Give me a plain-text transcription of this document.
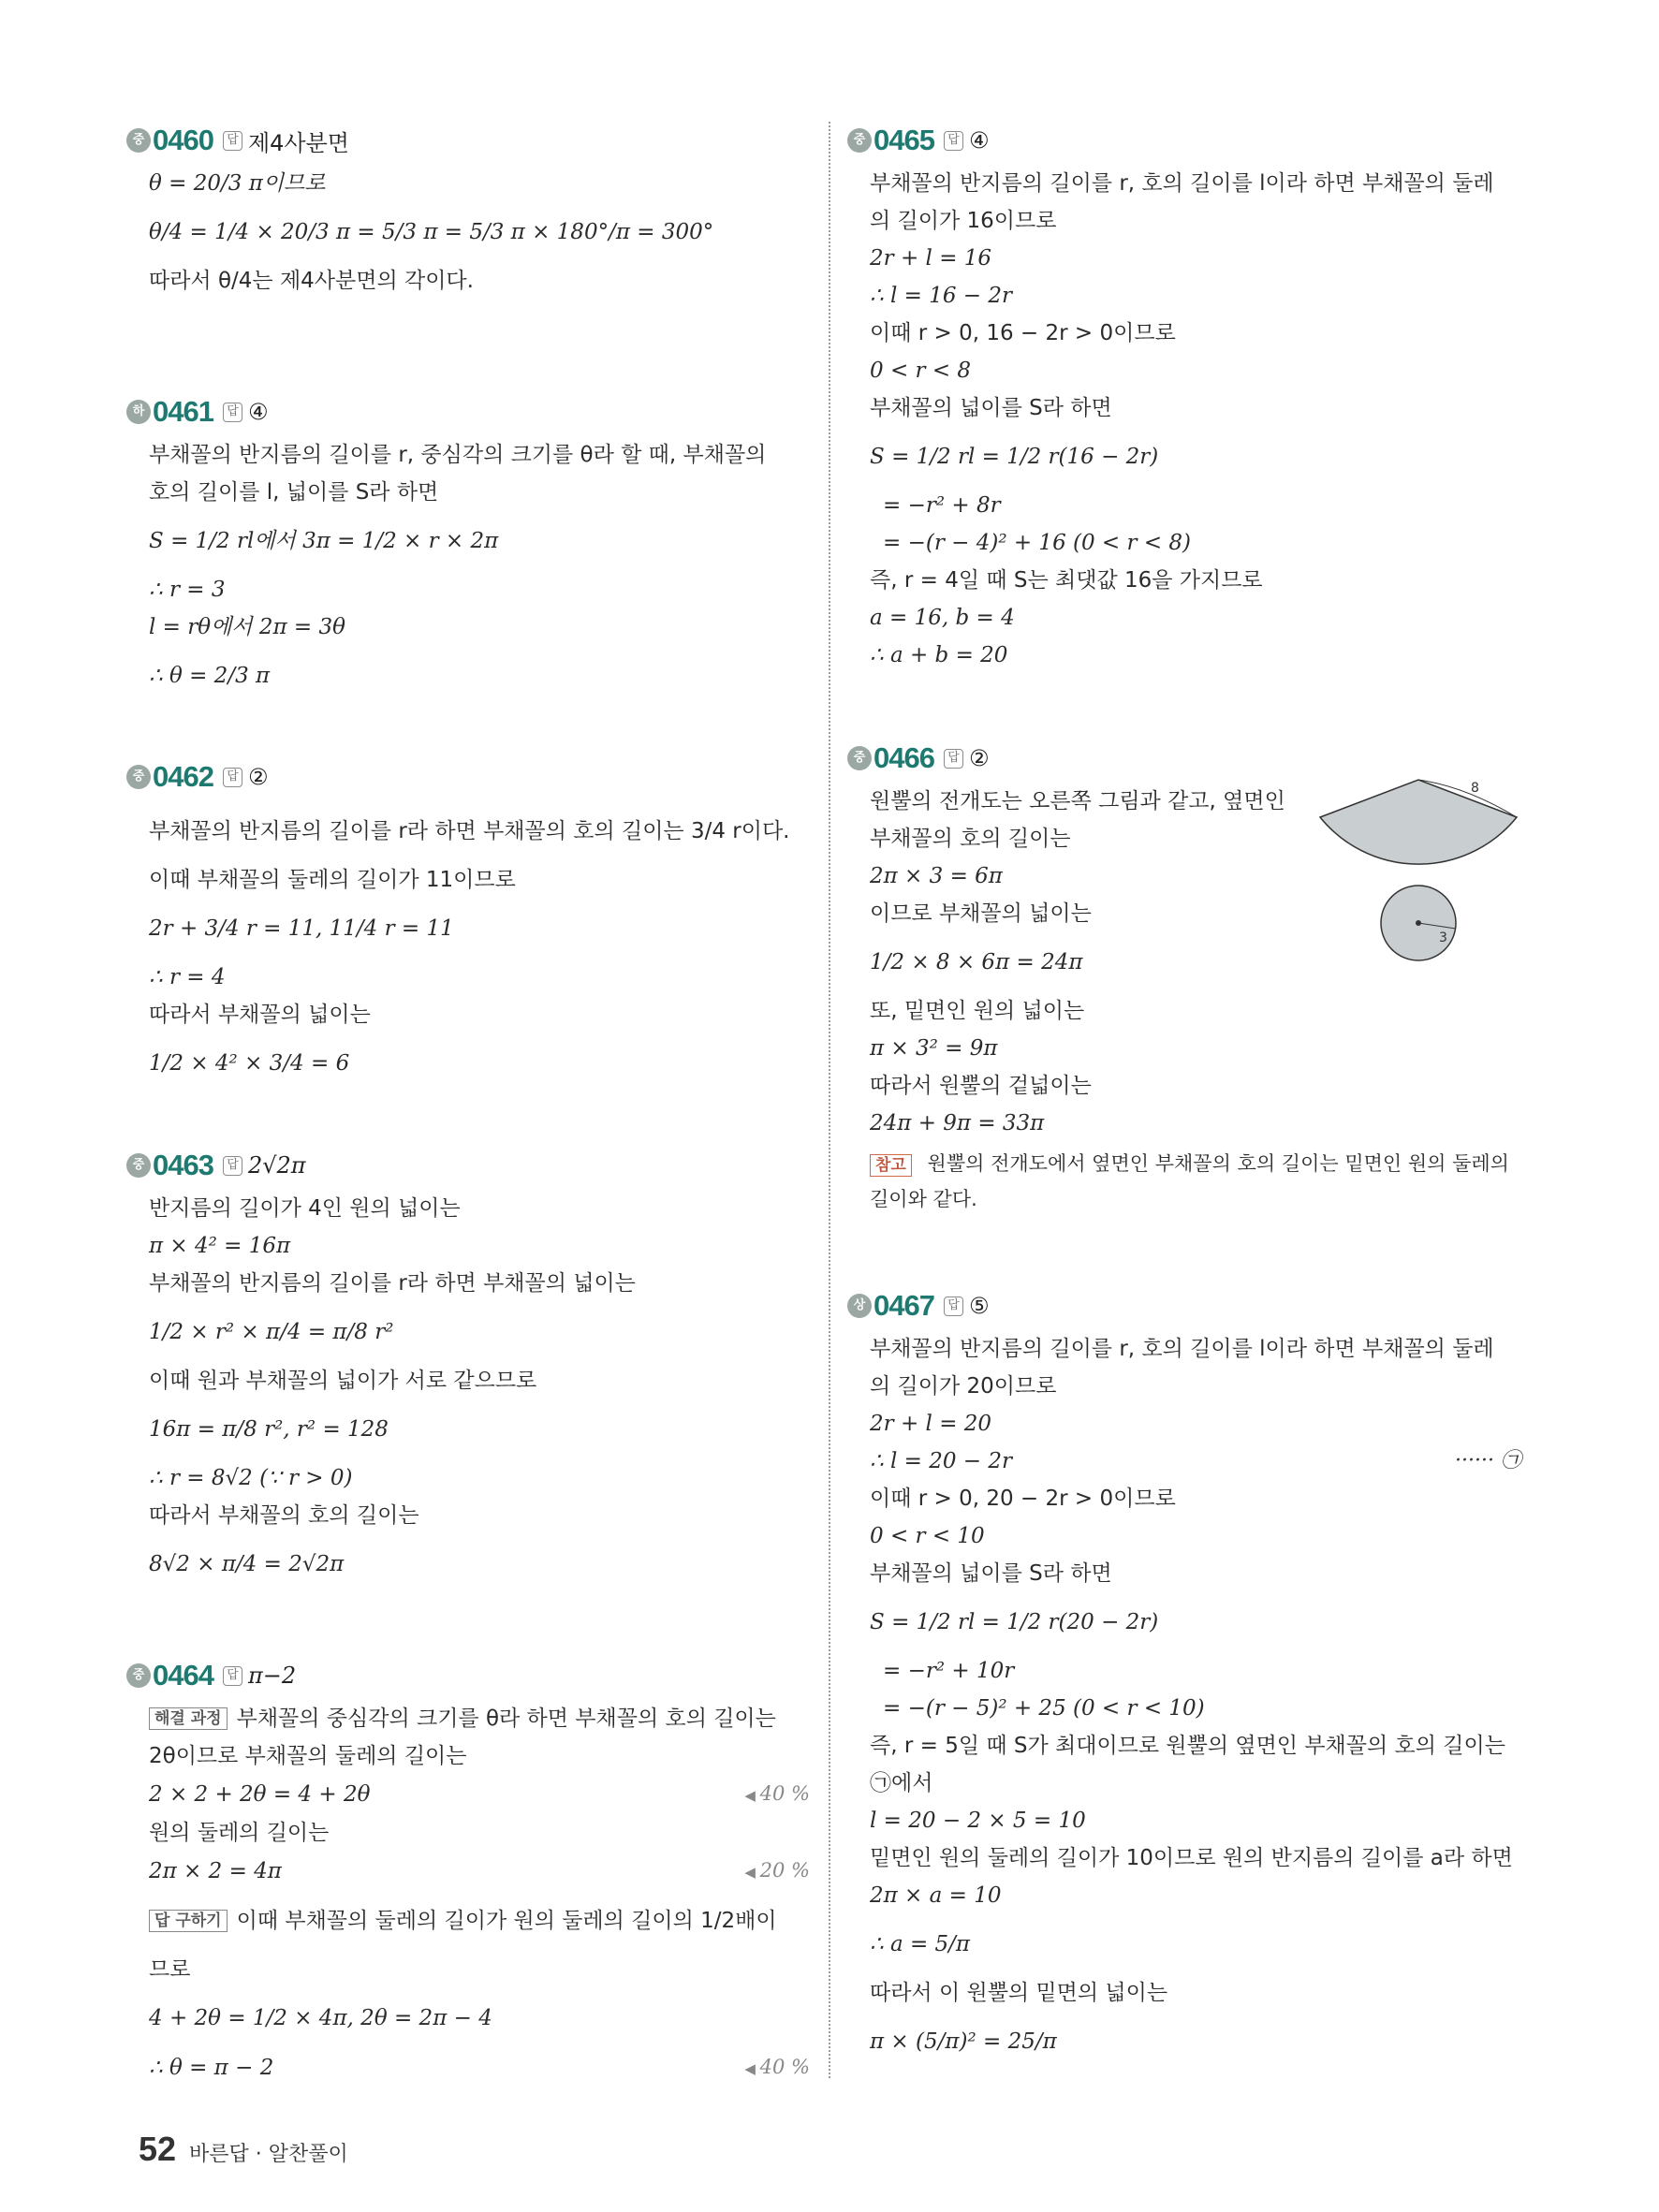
중 0460	답 제4사분면
θ = 20/3 π이므로
θ/4 = 1/4 × 20/3 π = 5/3 π = 5/3 π × 180°/π = 300°
따라서 θ/4는 제4사분면의 각이다.
하 0461	답 ④
부채꼴의 반지름의 길이를 r, 중심각의 크기를 θ라 할 때, 부채꼴의
호의 길이를 l, 넓이를 S라 하면
S = 1/2 rl에서 3π = 1/2 × r × 2π
∴ r = 3
l = rθ에서 2π = 3θ
∴ θ = 2/3 π
중 0462	답 ②
부채꼴의 반지름의 길이를 r라 하면 부채꼴의 호의 길이는 3/4 r이다.
이때 부채꼴의 둘레의 길이가 11이므로
2r + 3/4 r = 11, 11/4 r = 11
∴ r = 4
따라서 부채꼴의 넓이는
1/2 × 4² × 3/4 = 6
중 0463	답 2√2π
반지름의 길이가 4인 원의 넓이는
π × 4² = 16π
부채꼴의 반지름의 길이를 r라 하면 부채꼴의 넓이는
1/2 × r² × π/4 = π/8 r²
이때 원과 부채꼴의 넓이가 서로 같으므로
16π = π/8 r², r² = 128
∴ r = 8√2 (∵ r > 0)
따라서 부채꼴의 호의 길이는
8√2 × π/4 = 2√2π
중 0464	답 π−2
해결 과정 부채꼴의 중심각의 크기를 θ라 하면 부채꼴의 호의 길이는
2θ이므로 부채꼴의 둘레의 길이는
2 × 2 + 2θ = 4 + 2θ	◀ 40 %
원의 둘레의 길이는
2π × 2 = 4π	◀ 20 %
답 구하기 이때 부채꼴의 둘레의 길이가 원의 둘레의 길이의 1/2배이
므로
4 + 2θ = 1/2 × 4π, 2θ = 2π − 4
∴ θ = π − 2	◀ 40 %
중 0465	답 ④
부채꼴의 반지름의 길이를 r, 호의 길이를 l이라 하면 부채꼴의 둘레
의 길이가 16이므로
2r + l = 16
∴ l = 16 − 2r
이때 r > 0, 16 − 2r > 0이므로
0 < r < 8
부채꼴의 넓이를 S라 하면
S = 1/2 rl = 1/2 r(16 − 2r)
= −r² + 8r
= −(r − 4)² + 16 (0 < r < 8)
즉, r = 4일 때 S는 최댓값 16을 가지므로
a = 16, b = 4
∴ a + b = 20
중 0466	답 ②
원뿔의 전개도는 오른쪽 그림과 같고, 옆면인
부채꼴의 호의 길이는
2π × 3 = 6π
이므로 부채꼴의 넓이는
1/2 × 8 × 6π = 24π
또, 밑면인 원의 넓이는
π × 3² = 9π
따라서 원뿔의 겉넓이는
24π + 9π = 33π
참고 원뿔의 전개도에서 옆면인 부채꼴의 호의 길이는 밑면인 원의 둘레의 길이와 같다.
상 0467	답 ⑤
부채꼴의 반지름의 길이를 r, 호의 길이를 l이라 하면 부채꼴의 둘레
의 길이가 20이므로
2r + l = 20
∴ l = 20 − 2r	······ ㉠
이때 r > 0, 20 − 2r > 0이므로
0 < r < 10
부채꼴의 넓이를 S라 하면
S = 1/2 rl = 1/2 r(20 − 2r)
= −r² + 10r
= −(r − 5)² + 25 (0 < r < 10)
즉, r = 5일 때 S가 최대이므로 원뿔의 옆면인 부채꼴의 호의 길이는
㉠에서
l = 20 − 2 × 5 = 10
밑면인 원의 둘레의 길이가 10이므로 원의 반지름의 길이를 a라 하면
2π × a = 10
∴ a = 5/π
따라서 이 원뿔의 밑면의 넓이는
π × (5/π)² = 25/π
8
3
52 바른답 · 알찬풀이
